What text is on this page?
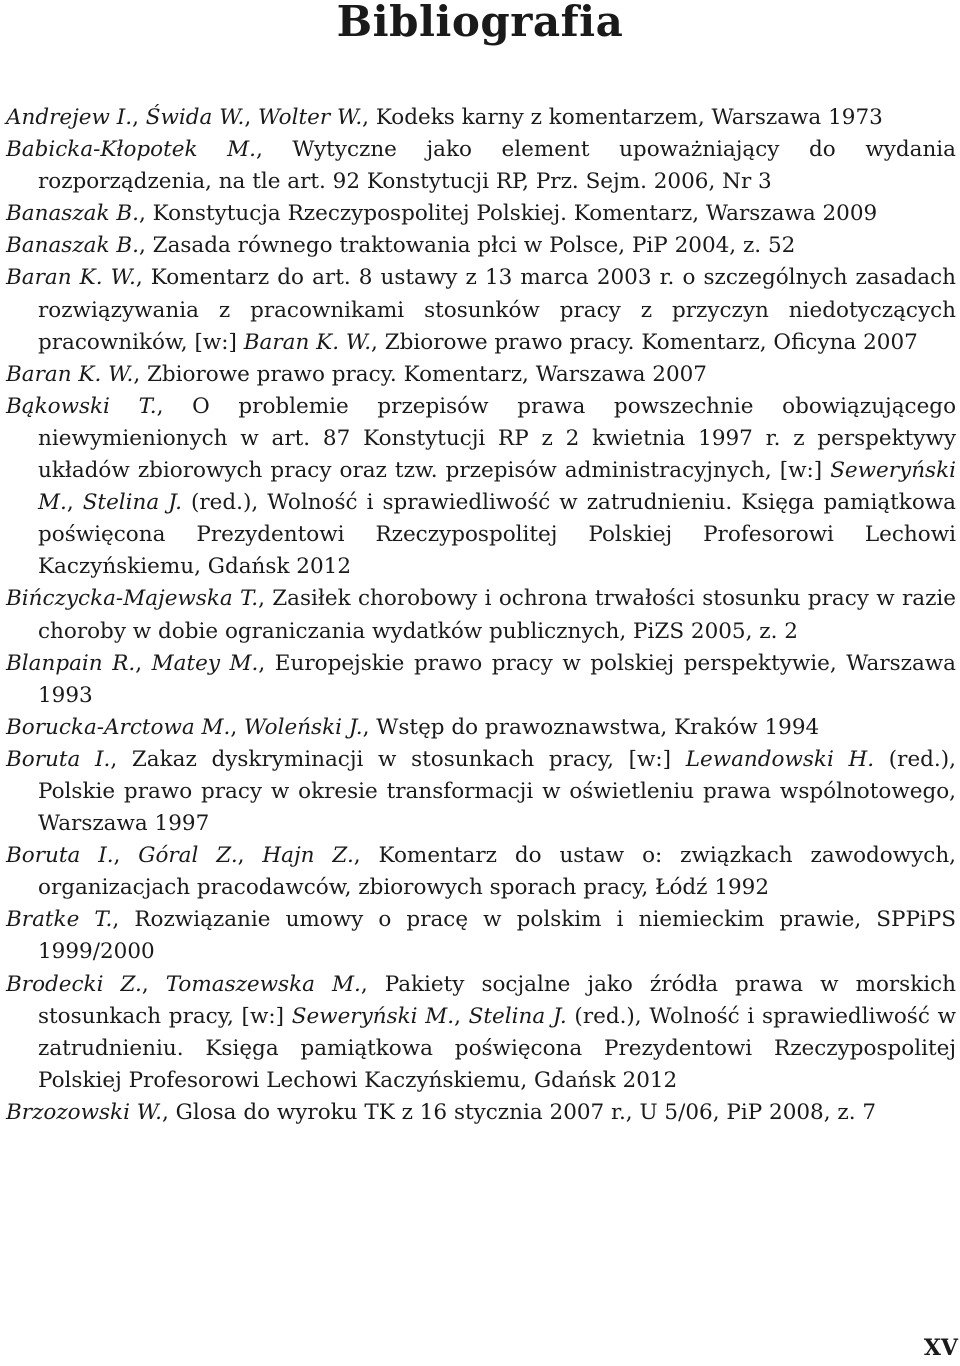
Bibliografia
Andrejew I., Świda W., Wolter W., Kodeks karny z komentarzem, Warszawa 1973
Babicka-Kłopotek M., Wytyczne jako element upoważniający do wydania rozporządzenia, na tle art. 92 Konstytucji RP, Prz. Sejm. 2006, Nr 3
Banaszak B., Konstytucja Rzeczypospolitej Polskiej. Komentarz, Warszawa 2009
Banaszak B., Zasada równego traktowania płci w Polsce, PiP 2004, z. 52
Baran K. W., Komentarz do art. 8 ustawy z 13 marca 2003 r. o szczególnych zasadach rozwiązywania z pracownikami stosunków pracy z przyczyn niedotyczących pracowników, [w:] Baran K. W., Zbiorowe prawo pracy. Komentarz, Oficyna 2007
Baran K. W., Zbiorowe prawo pracy. Komentarz, Warszawa 2007
Bąkowski T., O problemie przepisów prawa powszechnie obowiązującego niewymienionych w art. 87 Konstytucji RP z 2 kwietnia 1997 r. z perspektywy układów zbiorowych pracy oraz tzw. przepisów administracyjnych, [w:] Seweryński M., Stelina J. (red.), Wolność i sprawiedliwość w zatrudnieniu. Księga pamiątkowa poświęcona Prezydentowi Rzeczypospolitej Polskiej Profesorowi Lechowi Kaczyńskiemu, Gdańsk 2012
Bińczycka-Majewska T., Zasiłek chorobowy i ochrona trwałości stosunku pracy w razie choroby w dobie ograniczania wydatków publicznych, PiZS 2005, z. 2
Blanpain R., Matey M., Europejskie prawo pracy w polskiej perspektywie, Warszawa 1993
Borucka-Arctowa M., Woleński J., Wstęp do prawoznawstwa, Kraków 1994
Boruta I., Zakaz dyskryminacji w stosunkach pracy, [w:] Lewandowski H. (red.), Polskie prawo pracy w okresie transformacji w oświetleniu prawa wspólnotowego, Warszawa 1997
Boruta I., Góral Z., Hajn Z., Komentarz do ustaw o: związkach zawodowych, organizacjach pracodawców, zbiorowych sporach pracy, Łódź 1992
Bratke T., Rozwiązanie umowy o pracę w polskim i niemieckim prawie, SPPiPS 1999/2000
Brodecki Z., Tomaszewska M., Pakiety socjalne jako źródła prawa w morskich stosunkach pracy, [w:] Seweryński M., Stelina J. (red.), Wolność i sprawiedliwość w zatrudnieniu. Księga pamiątkowa poświęcona Prezydentowi Rzeczypospolitej Polskiej Profesorowi Lechowi Kaczyńskiemu, Gdańsk 2012
Brzozowski W., Glosa do wyroku TK z 16 stycznia 2007 r., U 5/06, PiP 2008, z. 7
XV
